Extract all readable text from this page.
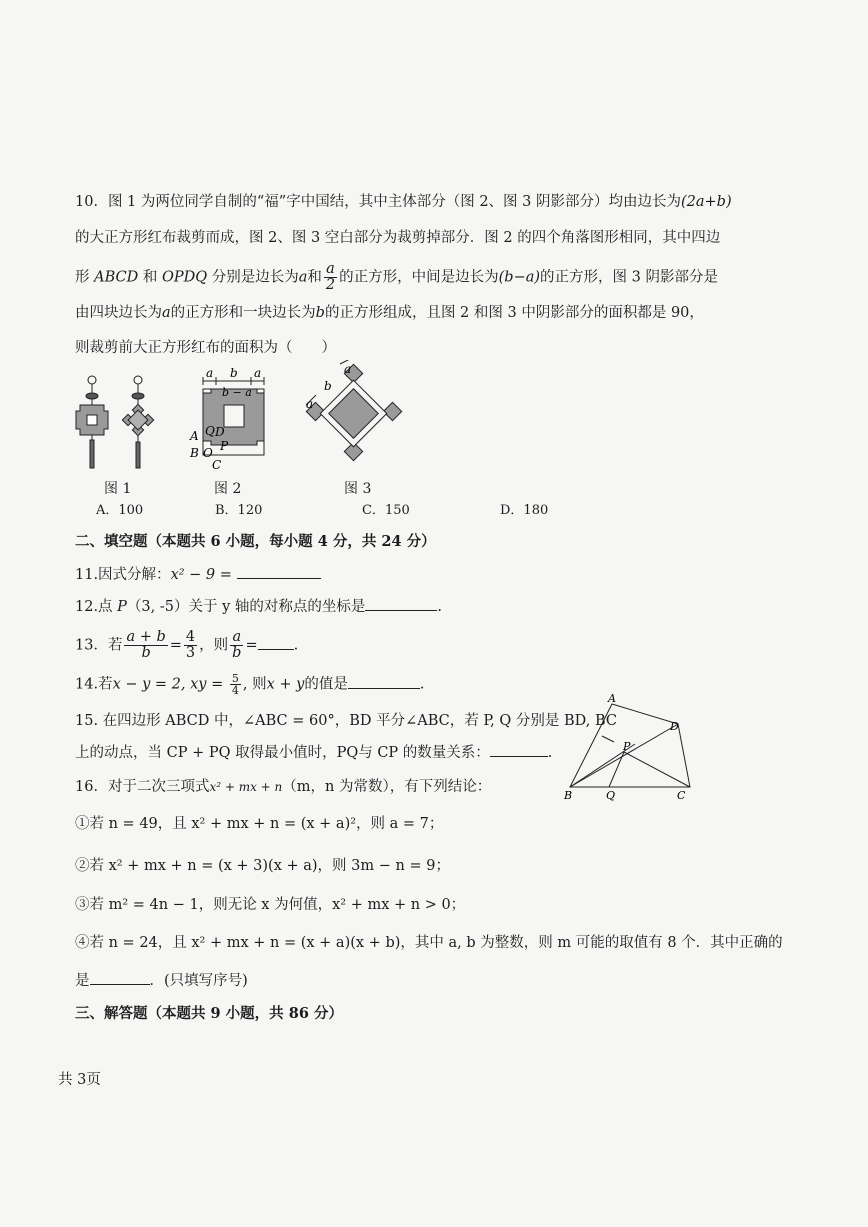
10．图 1 为两位同学自制的“福”字中国结，其中主体部分（图 2、图 3 阴影部分）均由边长为(2a+b)
的大正方形红布裁剪而成，图 2、图 3 空白部分为裁剪掉部分．图 2 的四个角落图形相同，其中四边
形 ABCD 和 OPDQ 分别是边长为a和 $\frac{a}{2}$ 的正方形，中间是边长为(b−a)的正方形，图 3 阴影部分是
由四块边长为a的正方形和一块边长为b的正方形组成，且图 2 和图 3 中阴影部分的面积都是 90，
则裁剪前大正方形红布的面积为（　　）
a b a
b − a
A Q D
B O P
C
a
b
a
图 1	图 2	图 3
A．100	B．120	C．150	D．180
二、填空题（本题共 6 小题，每小题 4 分，共 24 分）
11.因式分解：x² − 9 =
12.点 P（3, -5）关于 y 轴的对称点的坐标是	.
13．若 $\frac{a + b}{b} = \frac{4}{3}$ ，则 $\frac{a}{b}$ = .
14.若x − y = 2, xy = $\frac{5}{4}$ , 则x + y的值是	.
15. 在四边形 ABCD 中，∠ABC = 60°，BD 平分∠ABC，若 P, Q 分别是 BD, BC
上的动点，当 CP + PQ 取得最小值时，PQ与 CP 的数量关系：	.
A
D
P
B	Q	C
16．对于二次三项式x² + mx + n（m，n 为常数），有下列结论：
①若 n = 49，且 x² + mx + n = (x + a)²，则 a = 7；
②若 x² + mx + n = (x + 3)(x + a)，则 3m − n = 9；
③若 m² = 4n − 1，则无论 x 为何值，x² + mx + n > 0；
④若 n = 24，且 x² + mx + n = (x + a)(x + b)，其中 a, b 为整数，则 m 可能的取值有 8 个．其中正确的
是	．(只填写序号)
三、解答题（本题共 9 小题，共 86 分）
共 3页
